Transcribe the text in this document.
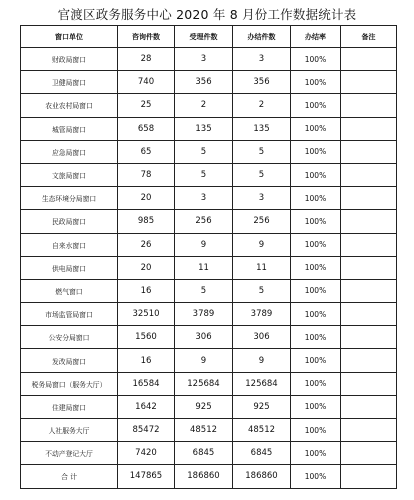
官渡区政务服务中心 2020 年 8 月份工作数据统计表
窗口单位	咨询件数	受理件数	办结件数	办结率	备注
财政局窗口	28	3	3	100%	
卫健局窗口	740	356	356	100%	
农业农村局窗口	25	2	2	100%	
城管局窗口	658	135	135	100%	
应急局窗口	65	5	5	100%	
文旅局窗口	78	5	5	100%	
生态环境分局窗口	20	3	3	100%	
民政局窗口	985	256	256	100%	
自来水窗口	26	9	9	100%	
供电局窗口	20	11	11	100%	
燃气窗口	16	5	5	100%	
市场监管局窗口	32510	3789	3789	100%	
公安分局窗口	1560	306	306	100%	
发改局窗口	16	9	9	100%	
税务局窗口（服务大厅）	16584	125684	125684	100%	
住建局窗口	1642	925	925	100%	
人社服务大厅	85472	48512	48512	100%	
不动产登记大厅	7420	6845	6845	100%	
合 计	147865	186860	186860	100%	
